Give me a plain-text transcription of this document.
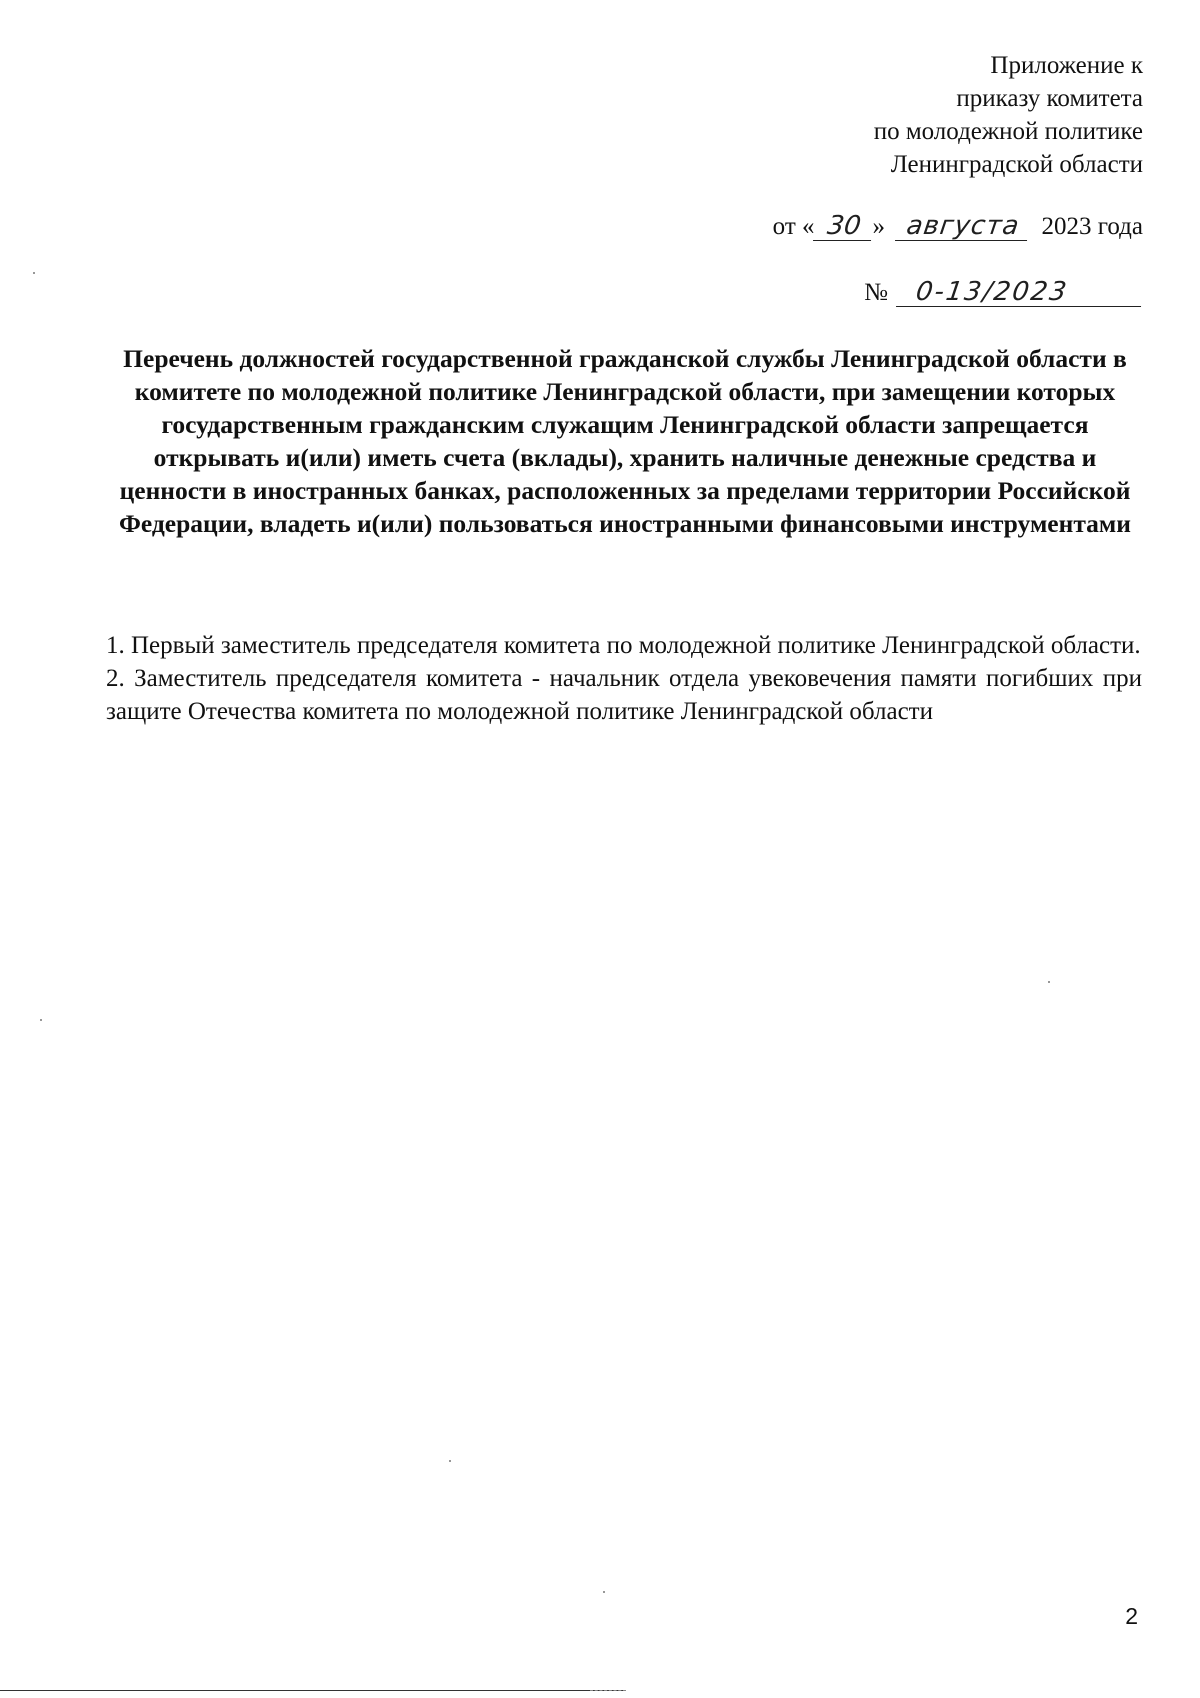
Приложение к
приказу комитета
по молодежной политике
Ленинградской области
от « 30 » августа 2023 года
№ 0-13/2023
Перечень должностей государственной гражданской службы Ленинградской области в комитете по молодежной политике Ленинградской области, при замещении которых государственным гражданским служащим Ленинградской области запрещается открывать и(или) иметь счета (вклады), хранить наличные денежные средства и ценности в иностранных банках, расположенных за пределами территории Российской Федерации, владеть и(или) пользоваться иностранными финансовыми инструментами
1. Первый заместитель председателя комитета по молодежной политике Ленинградской области.
2. Заместитель председателя комитета - начальник отдела увековечения памяти погибших при защите Отечества комитета по молодежной политике Ленинградской области
2
